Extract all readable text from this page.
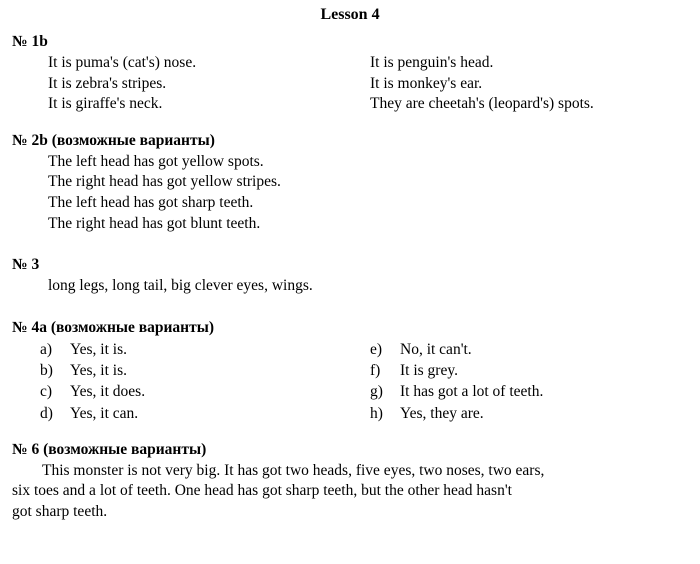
Lesson 4
№ 1b
It is puma's (cat's) nose.
It is zebra's stripes.
It is giraffe's neck.
It is penguin's head.
It is monkey's ear.
They are cheetah's (leopard's) spots.
№ 2b (возможные варианты)
The left head has got yellow spots.
The right head has got yellow stripes.
The left head has got sharp teeth.
The right head has got blunt teeth.
№ 3
long legs, long tail, big clever eyes, wings.
№ 4a (возможные варианты)
a)	Yes, it is.
b)	Yes, it is.
c)	Yes, it does.
d)	Yes, it can.
e)	No, it can't.
f)	It is grey.
g)	It has got a lot of teeth.
h)	Yes, they are.
№ 6 (возможные варианты)
This monster is not very big. It has got two heads, five eyes, two noses, two ears,
six toes and a lot of teeth. One head has got sharp teeth, but the other head hasn't
got sharp teeth.
